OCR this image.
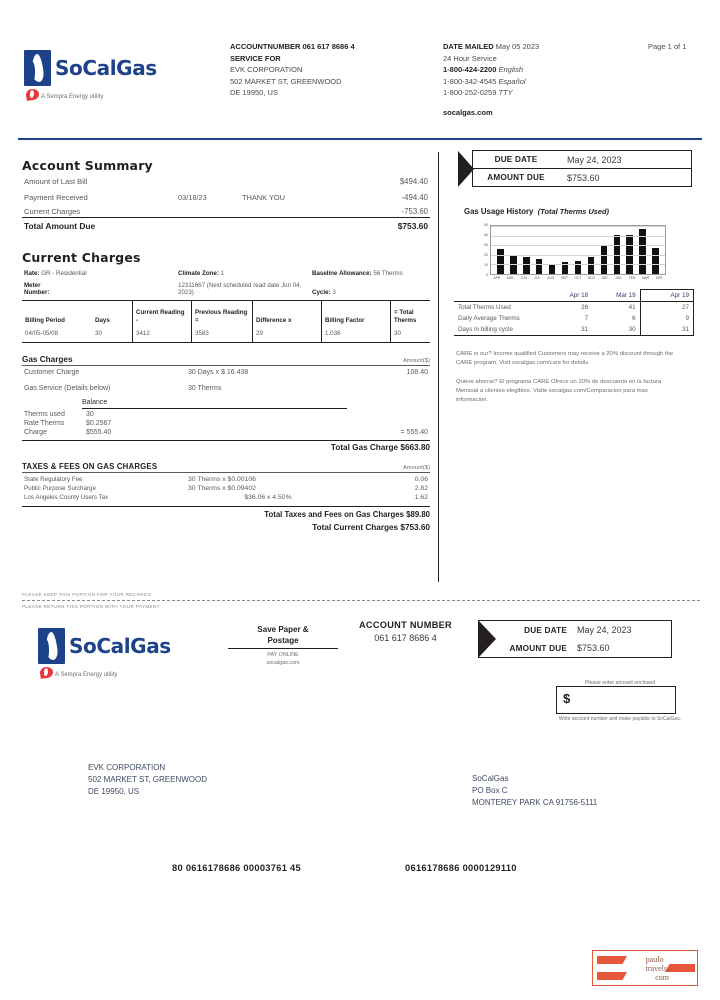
SoCalGas
A Sempra Energy utility
ACCOUNTNUMBER 061 617 8686 4
SERVICE FOR
EVK CORPORATION
502 MARKET ST, GREENWOOD
DE 19950, US
DATE MAILED May 05 2023
24 Hour Service
1-800-424-2200 English
1-800-342-4545 Español
1-800-252-0259 TTY
socalgas.com
Page 1 of 1
Account Summary
Amount of Last Bill			$494.40
Payment Received	03/18/23	THANK YOU	-494.40
Current Charges			-753.60
Total Amount Due			$753.60
Current Charges
Rate: GR - Residential	Climate Zone: 1	Baseline Allowance: 56 Therms
Meter Number:	12311667 (Next scheduled read date Jun 04, 2023)	Cycle: 3
Billing Period	Days	Current Reading -	Previous Reading =	Difference x	Billing Factor	= Total Therms
04/05-05/08	30	3412	3583	29	1.036	30
Gas Charges	Amount($)
Customer Charge	30 Days x $ 16.438	108.40
Gas Service (Details below)	30 Therms	
Balance
Therms used	30	
Rate Therms	$0.2567	
Charge	$555.40	= 555.40
Total Gas Charge $663.80
TAXES & FEES ON GAS CHARGES	Amount($)
State Regulatory Fee	30 Therms x $0.00106	0.06
Public Purpose Surcharge	30 Therms x $0.09402	2.82
Los Angeles County Users Tax	$36.06 x 4.50%	1.62
Total Taxes and Fees on Gas Charges $89.80
Total Current Charges $753.60
DUE DATE	May 24, 2023
AMOUNT DUE	$753.60
Gas Usage History (Total Therms Used)
0
10
20
30
40
50
APR	MAY	JUN	JUL	AUG	SEP	OCT	NOV	DEC	JAN	FEB	MAR	APR
	Apr 18	Mar 19	Apr 19
Total Therms Used	26	41	27
Daily Average Therms	7	6	9
Days in billing cycle	31	30	31
CARE is our? Income qualified Customers may receive a 20% discount through the CARE program. Visit socalgas.com/care for details.
Quiere ahorrar? El programa CARE Ofrece un 20% de descuento en la factura Mensual a clientes elegibles. Visite socalgas.com/Comparacion para mas informacion.
PLEASE KEEP THIS PORTION FOR YOUR RECORDS
PLEASE RETURN THIS PORTION WITH YOUR PAYMENT
SoCalGas
A Sempra Energy utility
Save Paper &
Postage
PAY ONLINE
socalgas.com
ACCOUNT NUMBER
061 617 8686 4
DUE DATE	May 24, 2023
AMOUNT DUE	$753.60
Please enter amount enclosed
$
Write account number and make payable to SoCalGas.
EVK CORPORATION
502 MARKET ST, GREENWOOD
DE 19950, US
SoCalGas
PO Box C
MONTEREY PARK CA 91756-5111
80 0616178686 00003761 45	0616178686 0000129110
paulo
travels.
com
